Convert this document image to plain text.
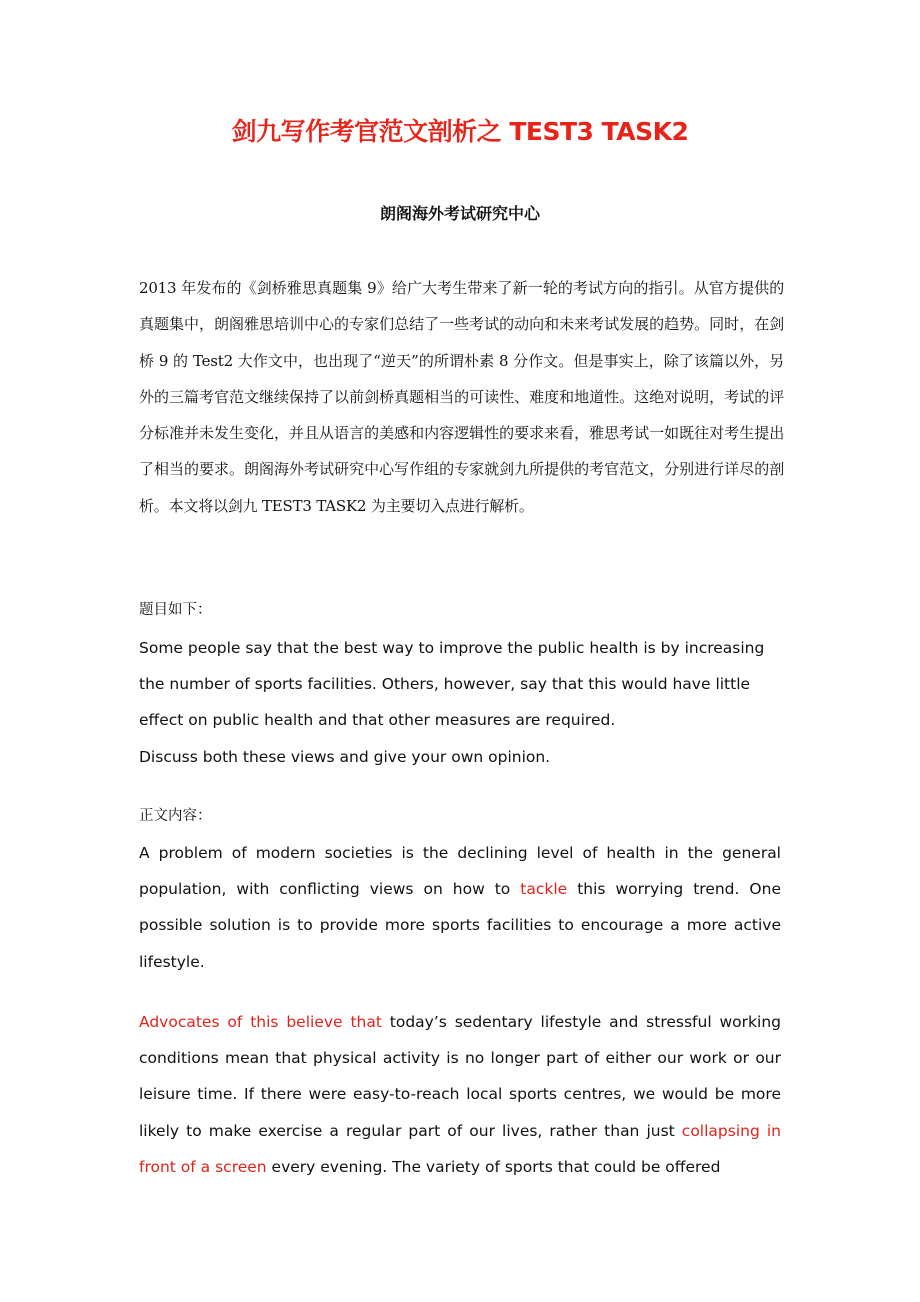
剑九写作考官范文剖析之 TEST3 TASK2
朗阁海外考试研究中心

2013 年发布的《剑桥雅思真题集 9》给广大考生带来了新一轮的考试方向的指引。从官方提供的真题集中，朗阁雅思培训中心的专家们总结了一些考试的动向和未来考试发展的趋势。同时，在剑桥 9 的 Test2 大作文中，也出现了“逆天”的所谓朴素 8 分作文。但是事实上，除了该篇以外，另外的三篇考官范文继续保持了以前剑桥真题相当的可读性、难度和地道性。这绝对说明，考试的评分标准并未发生变化，并且从语言的美感和内容逻辑性的要求来看，雅思考试一如既往对考生提出了相当的要求。朗阁海外考试研究中心写作组的专家就剑九所提供的考官范文，分别进行详尽的剖析。本文将以剑九 TEST3 TASK2 为主要切入点进行解析。

题目如下：

Some people say that the best way to improve the public health is by increasing the number of sports facilities. Others, however, say that this would have little effect on public health and that other measures are required.

Discuss both these views and give your own opinion.

正文内容：
A problem of modern societies is the declining level of health in the general population, with conflicting views on how to tackle this worrying trend. One possible solution is to provide more sports facilities to encourage a more active lifestyle.
Advocates of this believe that today’s sedentary lifestyle and stressful working conditions mean that physical activity is no longer part of either our work or our leisure time. If there were easy-to-reach local sports centres, we would be more likely to make exercise a regular part of our lives, rather than just collapsing in front of a screen every evening. The variety of sports that could be offered
